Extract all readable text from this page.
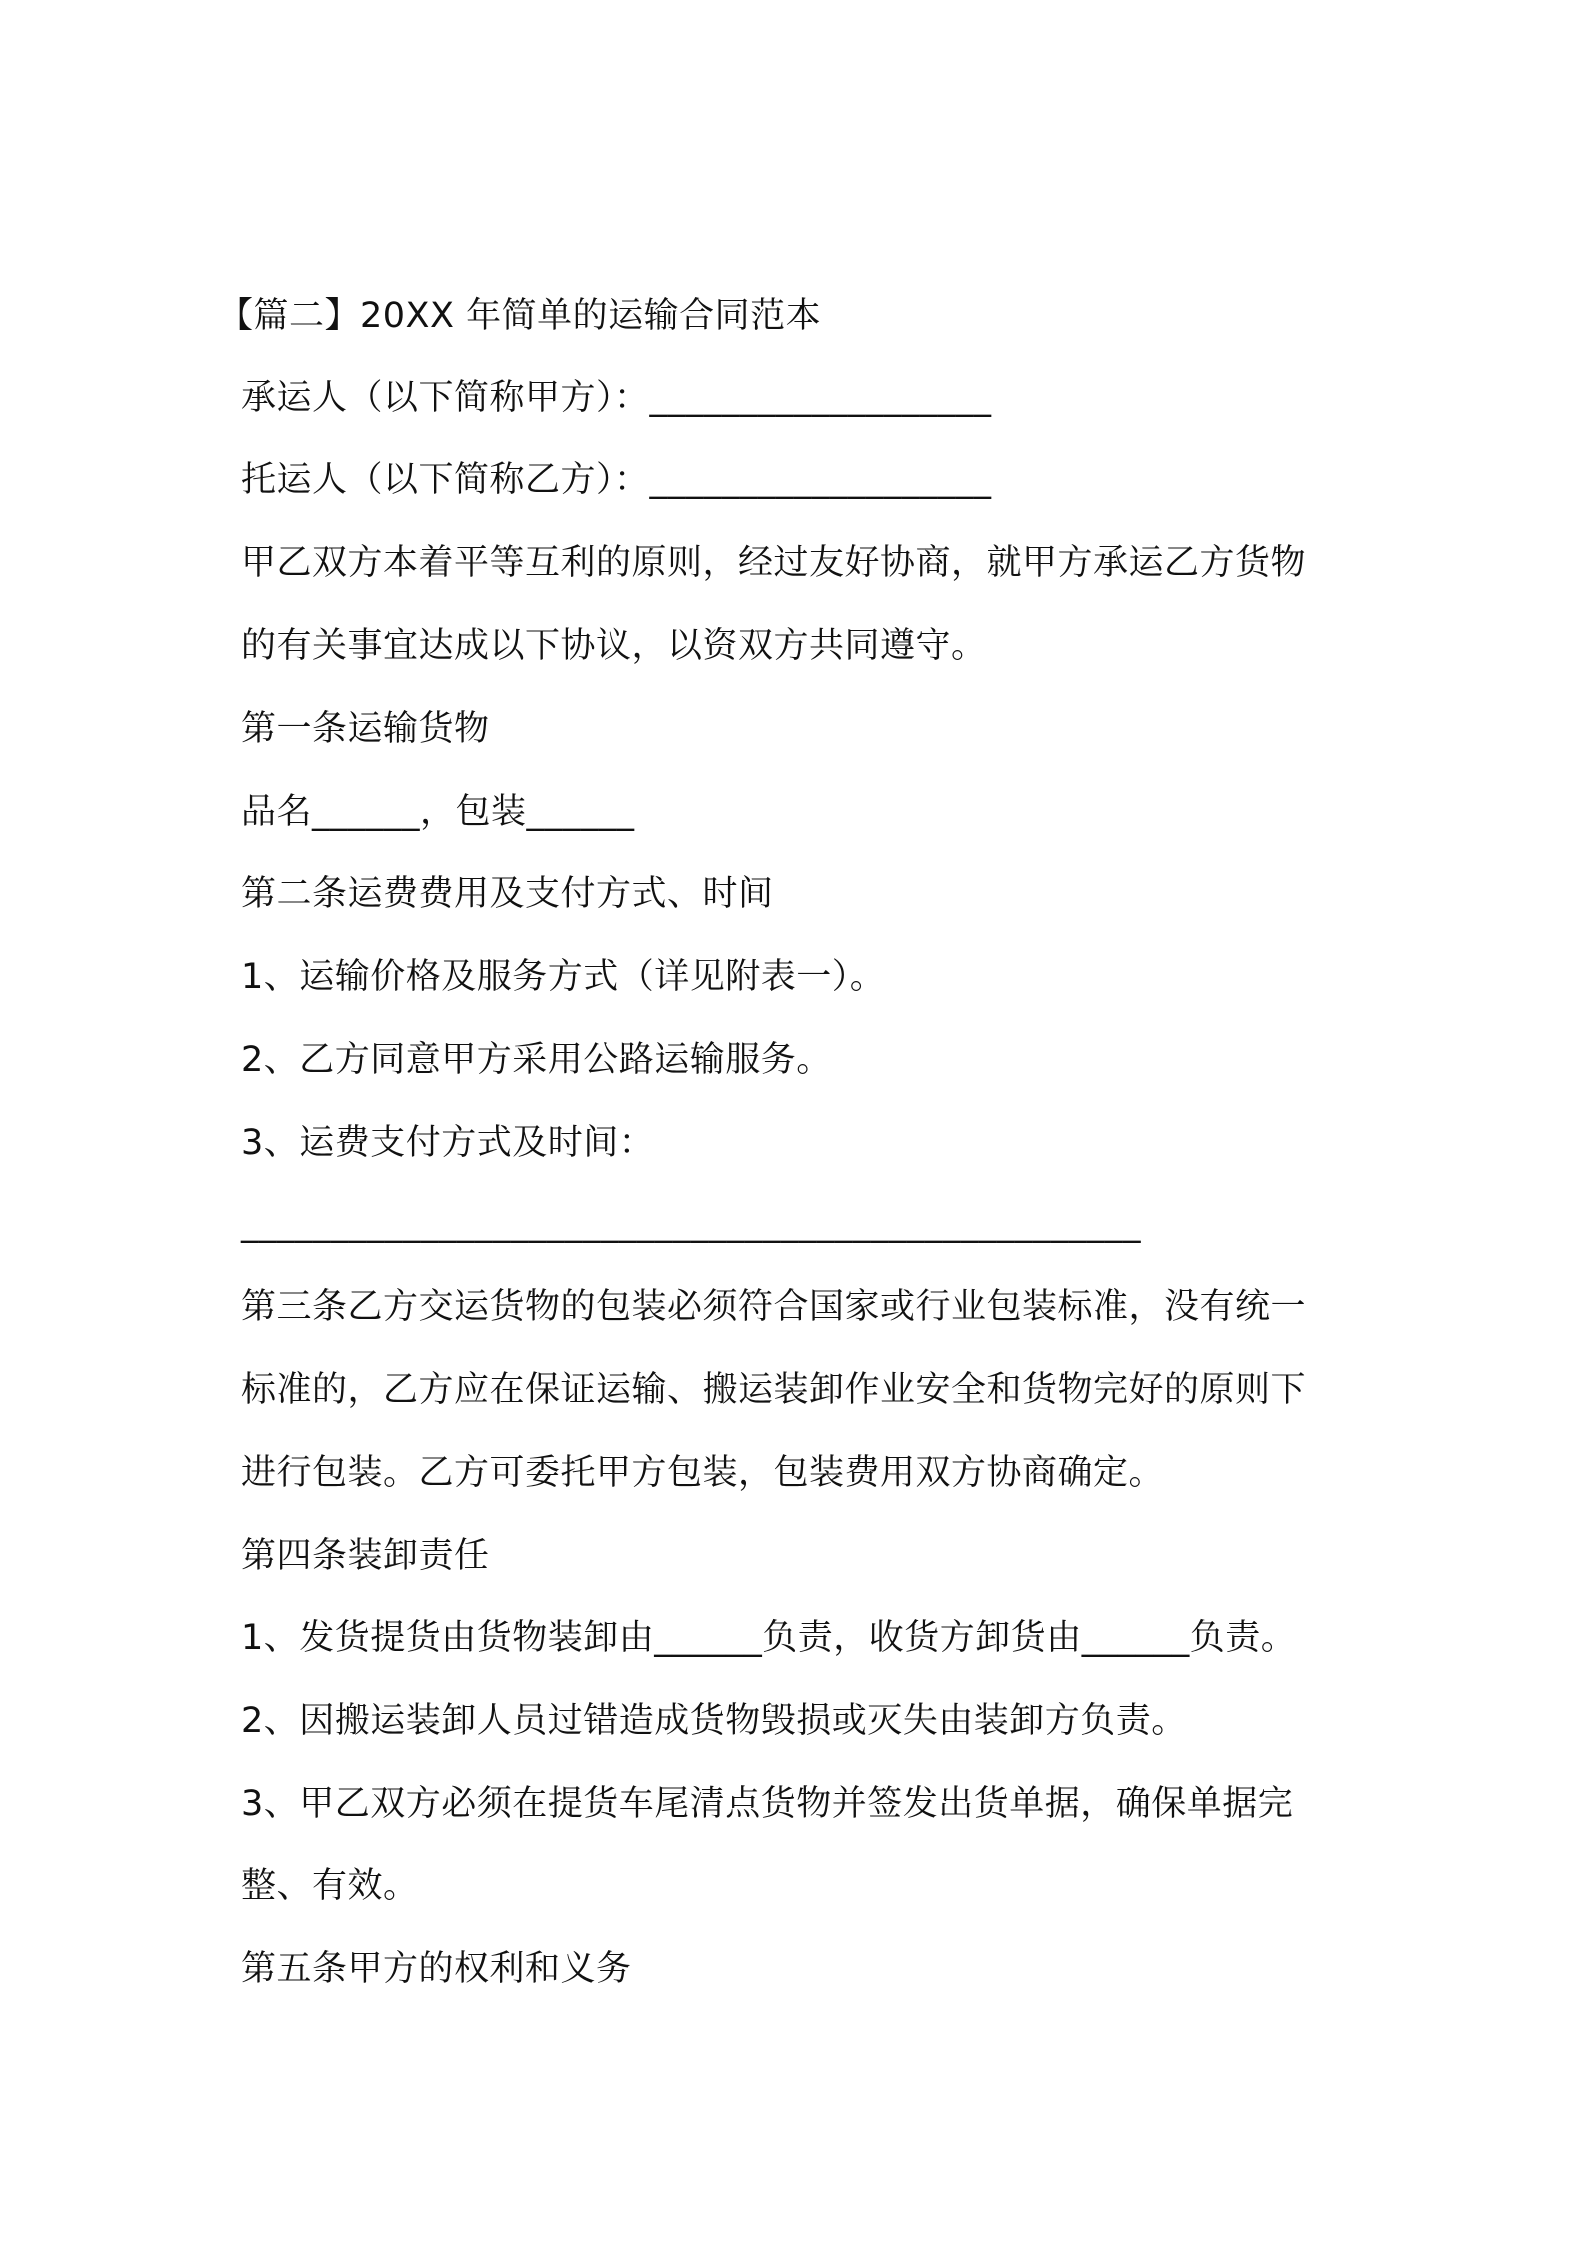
【篇二】20XX 年简单的运输合同范本
承运人（以下简称甲方）：___________________
托运人（以下简称乙方）：___________________
甲乙双方本着平等互利的原则，经过友好协商，就甲方承运乙方货物
的有关事宜达成以下协议，以资双方共同遵守。
第一条运输货物
品名______，包装______
第二条运费费用及支付方式、时间
1、运输价格及服务方式（详见附表一）。
2、乙方同意甲方采用公路运输服务。
3、运费支付方式及时间：
__________________________________________________
第三条乙方交运货物的包装必须符合国家或行业包装标准，没有统一
标准的，乙方应在保证运输、搬运装卸作业安全和货物完好的原则下
进行包装。乙方可委托甲方包装，包装费用双方协商确定。
第四条装卸责任
1、发货提货由货物装卸由______负责，收货方卸货由______负责。
2、因搬运装卸人员过错造成货物毁损或灭失由装卸方负责。
3、甲乙双方必须在提货车尾清点货物并签发出货单据，确保单据完
整、有效。
第五条甲方的权利和义务
